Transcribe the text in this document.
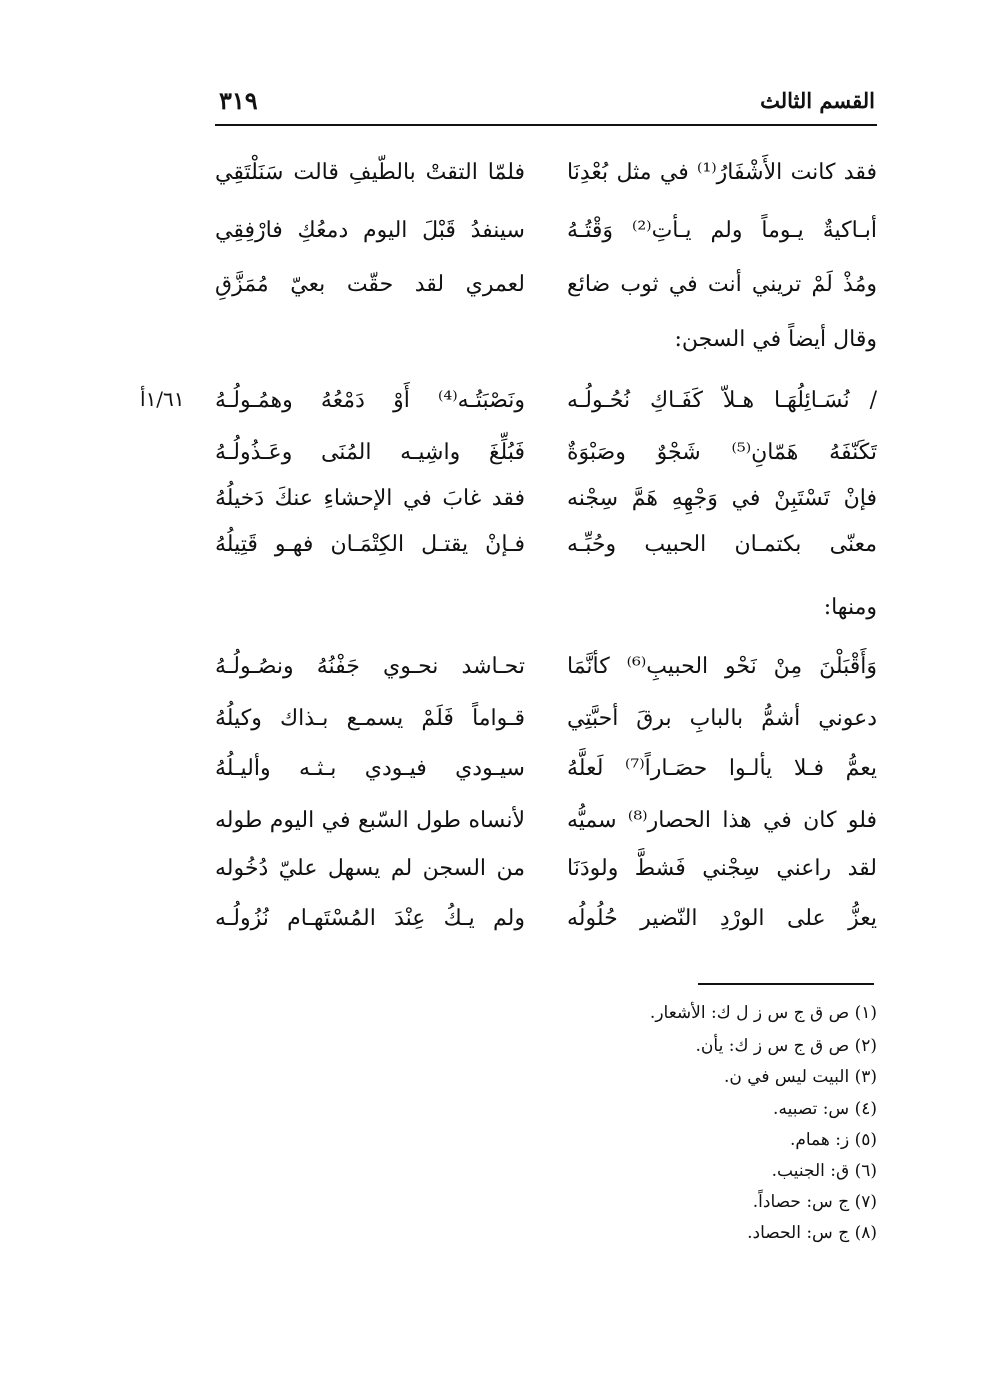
القسم الثالث
٣١٩
فقد كانت الأَشْفَارُ⁽¹⁾ في مثل بُعْدِنَا
فلمّا التقتْ بالطّيفِ قالت سَنَلْتَقِي
أبـاكيةٌ يـوماً ولم يـأتِ⁽²⁾ وَقْتُـهُ
سينفدُ قَبْلَ اليوم دمعُكِ فارْفِقِي
ومُذْ لَمْ تريني أنت في ثوب ضائع
لعمري لقد حقّت بعيّ مُمَزَّقِ
وقال أيضاً في السجن:
١/٦١أ	/ نُسَـائِلُهَـا هـلاّ كَفَـاكِ نُحُـولُـه
ونَصْبَتُـه⁽⁴⁾ أَوْ دَمْعُهُ وهمُـولُـهُ
تَكَنّفَهُ هَمّانِ⁽⁵⁾ شَجْوٌ وصَبْوَةٌ
فَبُلِّغَ واشِيـه المُنَى وعَـذُولُـهُ
فإنْ تَسْتَبِنْ في وَجْهِهِ هَمَّ سِجْنه
فقد غابَ في الإحشاءِ عنكَ دَخيلُهُ
معنّى بكتمـان الحبيب وحُبِّـه
فـإنْ يقتـل الكِتْمَـان فهـو قَتِيلُهُ
ومنها:
وَأَقْبَلْنَ مِنْ نَحْو الحبيبِ⁽⁶⁾ كأنَّمَا
تحـاشد نحـوي جَفْنُهُ ونصُـولُـهُ
دعوني أشمُّ بالبابِ برقَ أحبَّتِي
قـواماً فَلَمْ يسمـع بـذاك وكيلُهُ
يعمُّ فـلا يألـوا حصَـاراً⁽⁷⁾ لَعلَّهُ
سيـودي فيـودي بـثـه وأليـلُهُ
فلو كان في هذا الحصار⁽⁸⁾ سميُّه
لأنساه طول السّبع في اليوم طوله
لقد راعني سِجْني فَشطَّ ولودَنَا
من السجن لم يسهل عليّ دُخُوله
يعزُّ على الورْدِ النّضير حُلُولُه
ولم يـكُ عِنْدَ المُسْتَهـام نُزُولُـه
(١) ص ق ج س ز ل ك: الأشعار.
(٢) ص ق ج س ز ك: يأن.
(٣) البيت ليس في ن.
(٤) س: تصبيه.
(٥) ز: همام.
(٦) ق: الجنيب.
(٧) ج س: حصاداً.
(٨) ج س: الحصاد.
